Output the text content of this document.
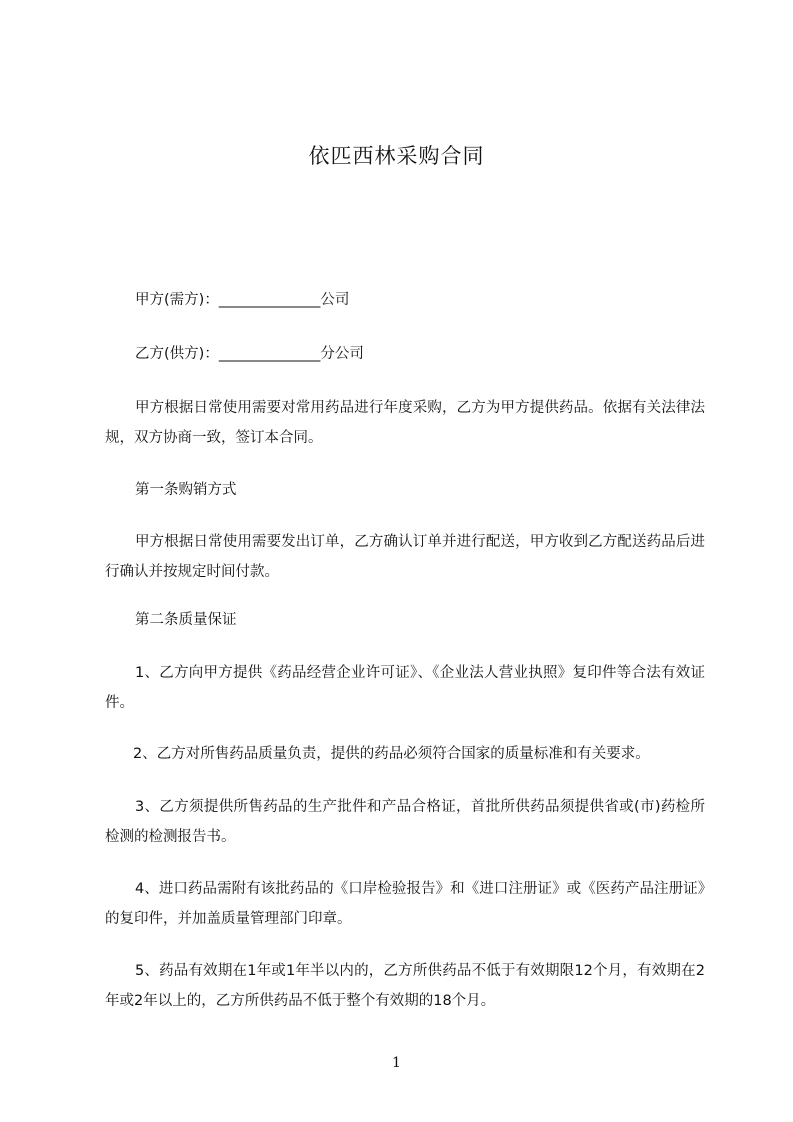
依匹西林采购合同
甲方(需方)：______________公司
乙方(供方)：______________分公司
甲方根据日常使用需要对常用药品进行年度采购，乙方为甲方提供药品。依据有关法律法规，双方协商一致，签订本合同。
第一条购销方式
甲方根据日常使用需要发出订单，乙方确认订单并进行配送，甲方收到乙方配送药品后进行确认并按规定时间付款。
第二条质量保证
1、乙方向甲方提供《药品经营企业许可证》、《企业法人营业执照》复印件等合法有效证件。
2、乙方对所售药品质量负责，提供的药品必须符合国家的质量标准和有关要求。
3、乙方须提供所售药品的生产批件和产品合格证，首批所供药品须提供省或(市)药检所检测的检测报告书。
4、进口药品需附有该批药品的《口岸检验报告》和《进口注册证》或《医药产品注册证》的复印件，并加盖质量管理部门印章。
5、药品有效期在1年或1年半以内的，乙方所供药品不低于有效期限12个月，有效期在2年或2年以上的，乙方所供药品不低于整个有效期的18个月。
1
